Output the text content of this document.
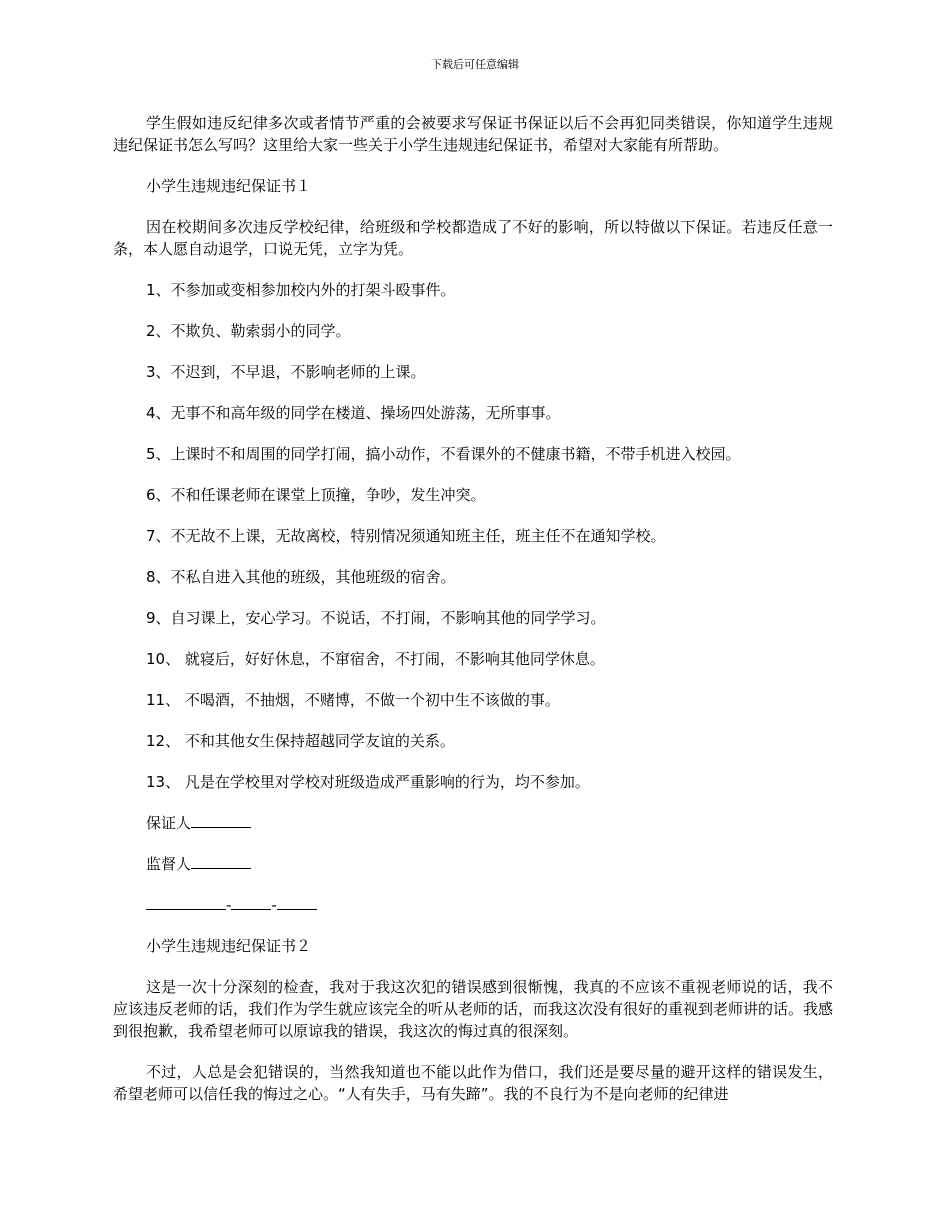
下载后可任意编辑

学生假如违反纪律多次或者情节严重的会被要求写保证书保证以后不会再犯同类错误，你知道学生违规违纪保证书怎么写吗？这里给大家一些关于小学生违规违纪保证书，希望对大家能有所帮助。

小学生违规违纪保证书１

因在校期间多次违反学校纪律，给班级和学校都造成了不好的影响，所以特做以下保证。若违反任意一条，本人愿自动退学，口说无凭，立字为凭。

1、不参加或变相参加校内外的打架斗殴事件。

2、不欺负、勒索弱小的同学。

3、不迟到，不早退，不影响老师的上课。

4、无事不和高年级的同学在楼道、操场四处游荡，无所事事。

5、上课时不和周围的同学打闹，搞小动作，不看课外的不健康书籍，不带手机进入校园。

6、不和任课老师在课堂上顶撞，争吵，发生冲突。

7、不无故不上课，无故离校，特别情况须通知班主任，班主任不在通知学校。

8、不私自进入其他的班级，其他班级的宿舍。

9、自习课上，安心学习。不说话，不打闹，不影响其他的同学学习。

10、 就寝后，好好休息，不窜宿舍，不打闹，不影响其他同学休息。

11、 不喝酒，不抽烟，不赌博，不做一个初中生不该做的事。

12、 不和其他女生保持超越同学友谊的关系。

13、 凡是在学校里对学校对班级造成严重影响的行为，均不参加。

保证人

监督人

-	-

小学生违规违纪保证书２

这是一次十分深刻的检查，我对于我这次犯的错误感到很惭愧，我真的不应该不重视老师说的话，我不应该违反老师的话，我们作为学生就应该完全的听从老师的话，而我这次没有很好的重视到老师讲的话。我感到很抱歉，我希望老师可以原谅我的错误，我这次的悔过真的很深刻。

不过，人总是会犯错误的，当然我知道也不能以此作为借口，我们还是要尽量的避开这样的错误发生，希望老师可以信任我的悔过之心。“人有失手，马有失蹄”。我的不良行为不是向老师的纪律进
